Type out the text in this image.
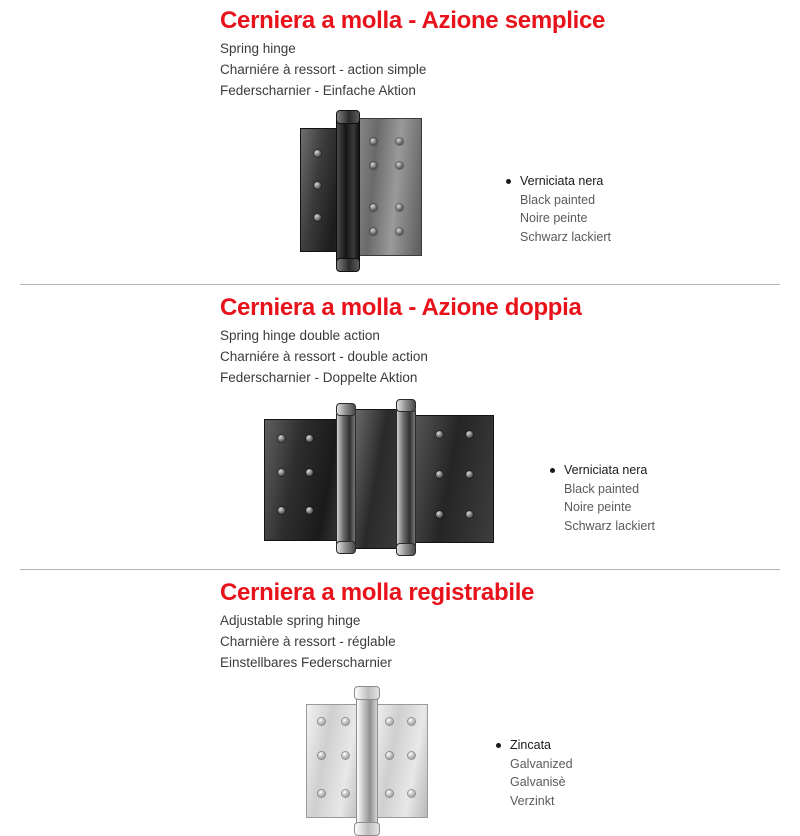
Cerniera a molla - Azione semplice
Spring hinge
Charniére à ressort - action simple
Federscharnier - Einfache Aktion
Verniciata nera
Black painted
Noire peinte
Schwarz lackiert
Cerniera a molla - Azione doppia
Spring hinge double action
Charniére à ressort - double action
Federscharnier - Doppelte Aktion
Verniciata nera
Black painted
Noire peinte
Schwarz lackiert
Cerniera a molla registrabile
Adjustable spring hinge
Charnière à ressort - réglable
Einstellbares Federscharnier
Zincata
Galvanized
Galvanisè
Verzinkt
